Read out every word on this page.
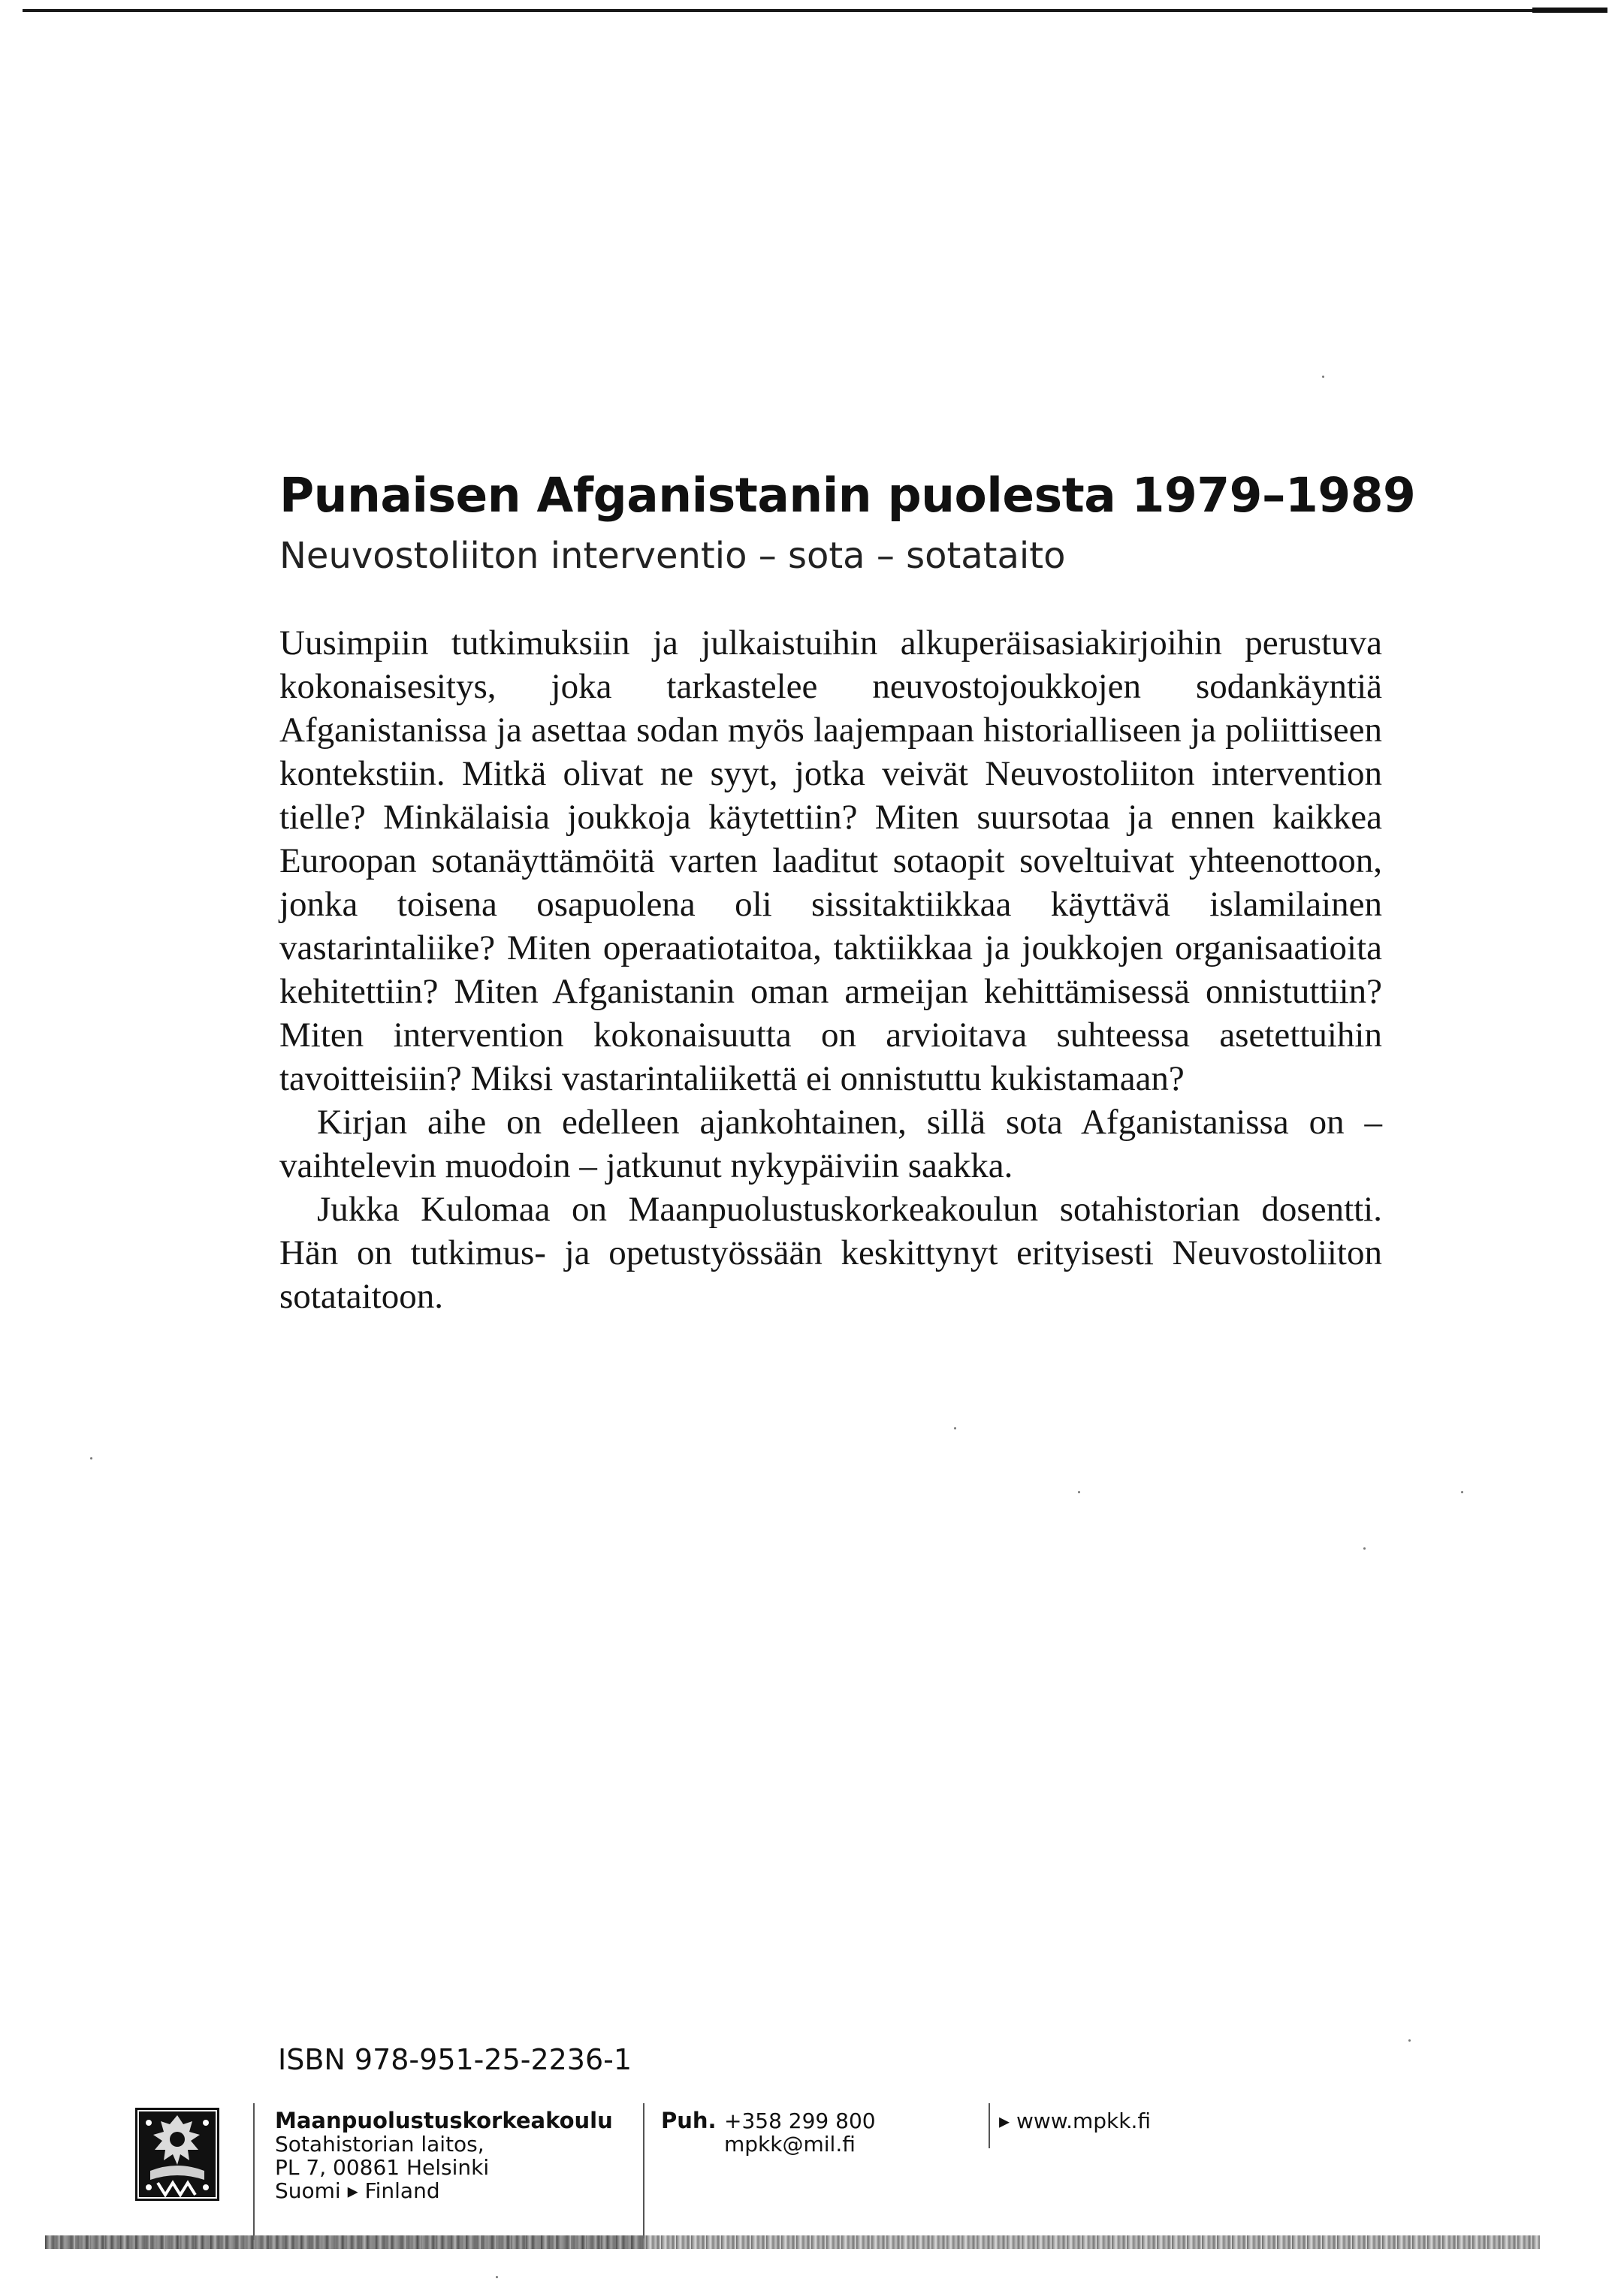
Punaisen Afganistanin puolesta 1979–1989
Neuvostoliiton interventio – sota – sotataito

Uusimpiin tutkimuksiin ja julkaistuihin alkuperäisasiakirjoihin perustuva kokonaisesitys, joka tarkastelee neuvostojoukkojen sodankäyntiä Afganistanissa ja asettaa sodan myös laajempaan historialliseen ja poliittiseen kontekstiin. Mitkä olivat ne syyt, jotka veivät Neuvostoliiton intervention tielle? Minkälaisia joukkoja käytettiin? Miten suursotaa ja ennen kaikkea Euroopan sotanäyttämöitä varten laaditut sotaopit soveltuivat yhteenottoon, jonka toisena osapuolena oli sissitaktiikkaa käyttävä islamilainen vastarintaliike? Miten operaatiotaitoa, taktiikkaa ja joukkojen organisaatioita kehitettiin? Miten Afganistanin oman armeijan kehittämisessä onnistuttiin? Miten intervention kokonaisuutta on arvioitava suhteessa asetettuihin tavoitteisiin? Miksi vastarintaliikettä ei onnistuttu kukistamaan?

Kirjan aihe on edelleen ajankohtainen, sillä sota Afganistanissa on – vaihtelevin muodoin – jatkunut nykypäiviin saakka.

Jukka Kulomaa on Maanpuolustuskorkeakoulun sotahistorian dosentti. Hän on tutkimus- ja opetustyössään keskittynyt erityisesti Neuvostoliiton sotataitoon.

ISBN 978-951-25-2236-1
Maanpuolustuskorkeakoulu
Sotahistorian laitos,
PL 7, 00861 Helsinki
Suomi ▸ Finland
Puh. +358 299 800
mpkk@mil.fi
▸ www.mpkk.fi
